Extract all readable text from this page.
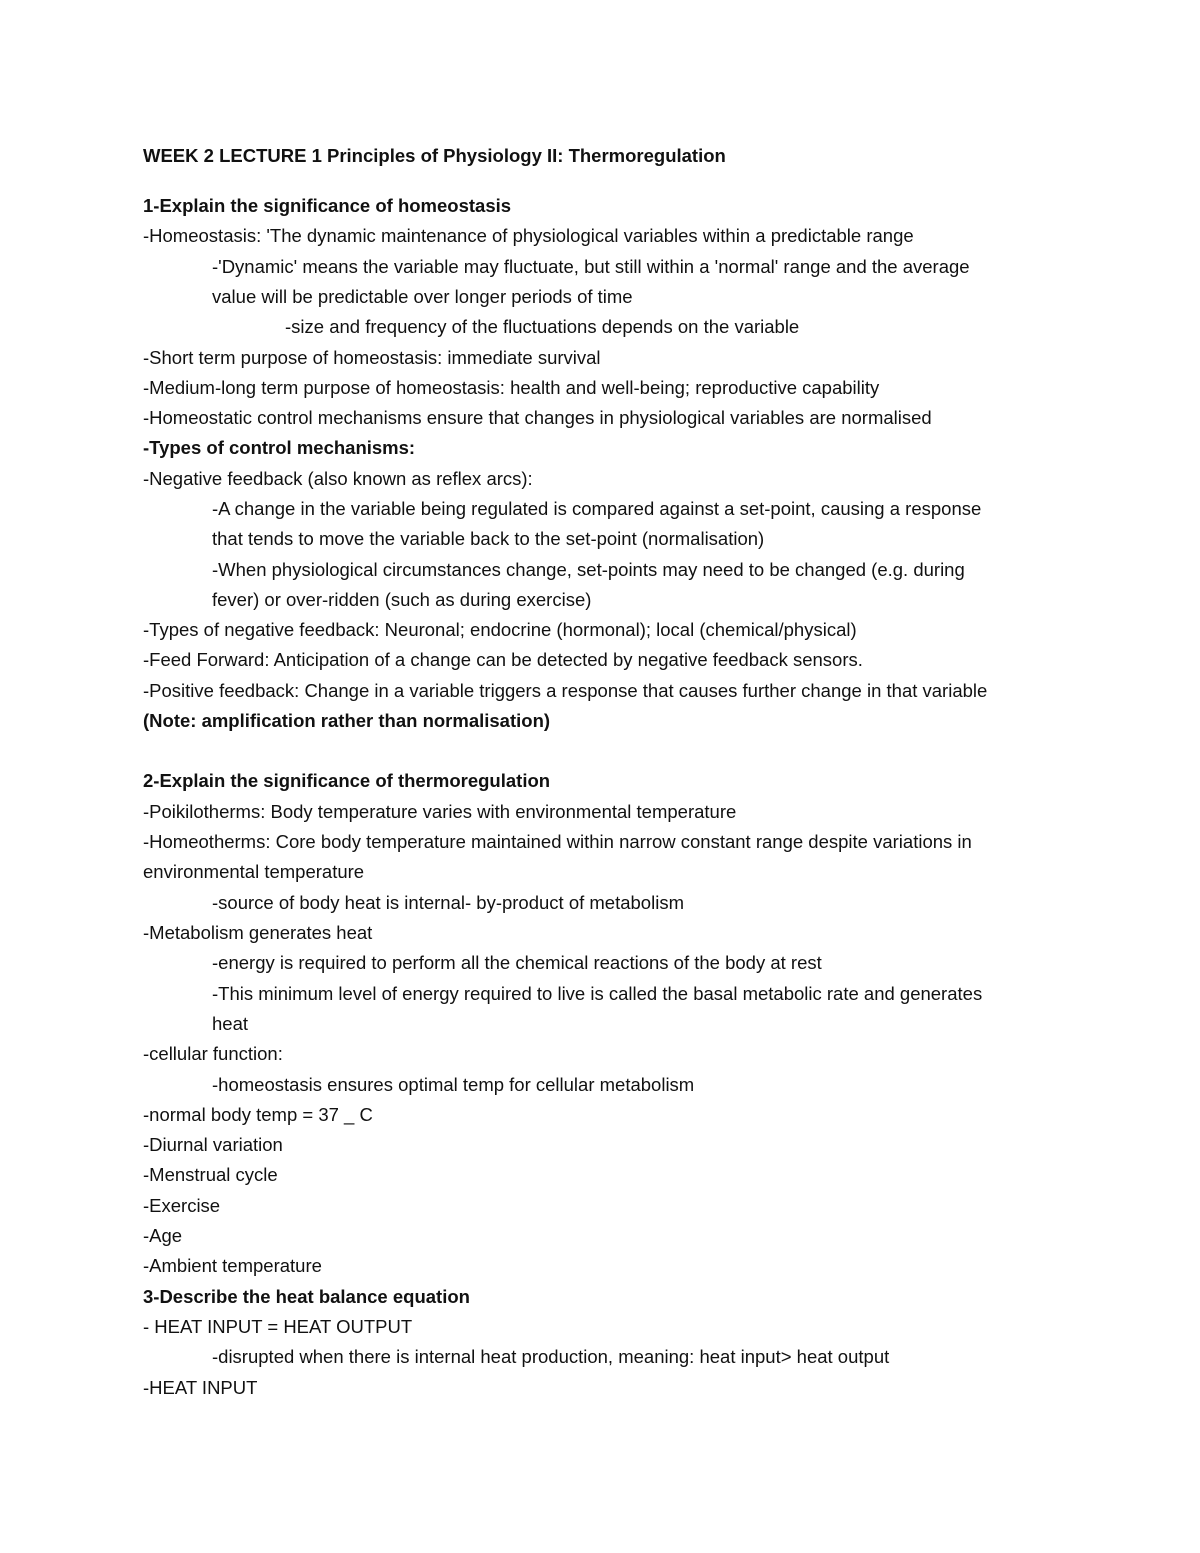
WEEK 2 LECTURE 1 Principles of Physiology II: Thermoregulation
1-Explain the significance of homeostasis
-Homeostasis: 'The dynamic maintenance of physiological variables within a predictable range
-'Dynamic' means the variable may fluctuate, but still within a 'normal' range and the average
value will be predictable over longer periods of time
-size and frequency of the fluctuations depends on the variable
-Short term purpose of homeostasis: immediate survival
-Medium-long term purpose of homeostasis: health and well-being; reproductive capability
-Homeostatic control mechanisms ensure that changes in physiological variables are normalised
-Types of control mechanisms:
-Negative feedback (also known as reflex arcs):
-A change in the variable being regulated is compared against a set-point, causing a response
that tends to move the variable back to the set-point (normalisation)
-When physiological circumstances change, set-points may need to be changed (e.g. during
fever) or over-ridden (such as during exercise)
-Types of negative feedback: Neuronal; endocrine (hormonal); local (chemical/physical)
-Feed Forward: Anticipation of a change can be detected by negative feedback sensors.
-Positive feedback: Change in a variable triggers a response that causes further change in that variable
(Note: amplification rather than normalisation)
2-Explain the significance of thermoregulation
-Poikilotherms: Body temperature varies with environmental temperature
-Homeotherms: Core body temperature maintained within narrow constant range despite variations in
environmental temperature
-source of body heat is internal- by-product of metabolism
-Metabolism generates heat
-energy is required to perform all the chemical reactions of the body at rest
-This minimum level of energy required to live is called the basal metabolic rate and generates
heat
-cellular function:
-homeostasis ensures optimal temp for cellular metabolism
-normal body temp = 37 _ C
-Diurnal variation
-Menstrual cycle
-Exercise
-Age
-Ambient temperature
3-Describe the heat balance equation
- HEAT INPUT = HEAT OUTPUT
-disrupted when there is internal heat production, meaning: heat input> heat output
-HEAT INPUT
